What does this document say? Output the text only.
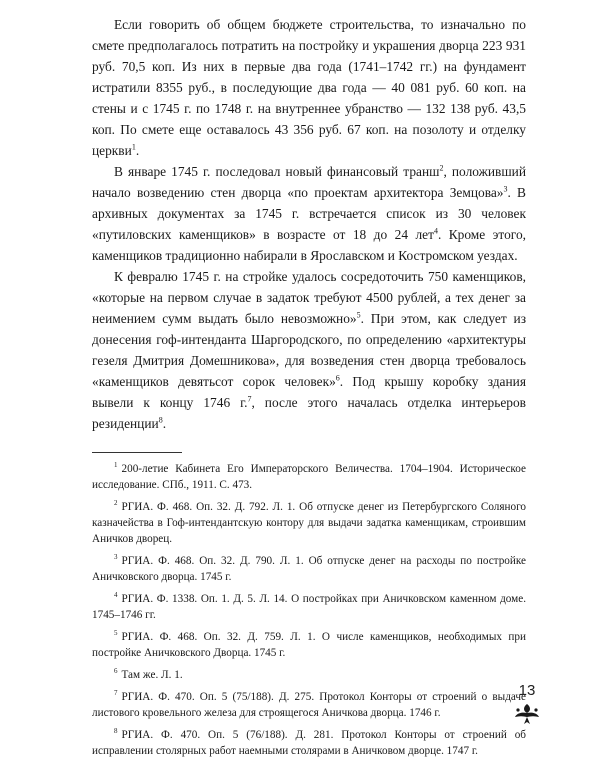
Если говорить об общем бюджете строительства, то изначально по смете предполагалось потратить на постройку и украшения дворца 223 931 руб. 70,5 коп. Из них в первые два года (1741–1742 гг.) на фундамент истратили 8355 руб., в последующие два года — 40 081 руб. 60 коп. на стены и с 1745 г. по 1748 г. на внутреннее убранство — 132 138 руб. 43,5 коп. По смете еще оставалось 43 356 руб. 67 коп. на позолоту и отделку церкви$^1$.

В январе 1745 г. последовал новый финансовый транш$^2$, положивший начало возведению стен дворца «по проектам архитектора Земцова»$^3$. В архивных документах за 1745 г. встречается список из 30 человек «путиловских каменщиков» в возрасте от 18 до 24 лет$^4$. Кроме этого, каменщиков традиционно набирали в Ярославском и Костромском уездах.

К февралю 1745 г. на стройке удалось сосредоточить 750 каменщиков, «которые на первом случае в задаток требуют 4500 рублей, а тех денег за неимением сумм выдать было невозможно»$^5$. При этом, как следует из донесения гоф-интенданта Шаргородского, по определению «архитектуры гезеля Дмитрия Домешникова», для возведения стен дворца требовалось «каменщиков девятьсот сорок человек»$^6$. Под крышу коробку здания вывели к концу 1746 г.$^7$, после этого началась отделка интерьеров резиденции$^8$.

$^1$ 200-летие Кабинета Его Императорского Величества. 1704–1904. Историческое исследование. СПб., 1911. С. 473.

$^2$ РГИА. Ф. 468. Оп. 32. Д. 792. Л. 1. Об отпуске денег из Петербургского Соляного казначейства в Гоф-интендантскую контору для выдачи задатка каменщикам, строившим Аничков дворец.

$^3$ РГИА. Ф. 468. Оп. 32. Д. 790. Л. 1. Об отпуске денег на расходы по постройке Аничковского дворца. 1745 г.

$^4$ РГИА. Ф. 1338. Оп. 1. Д. 5. Л. 14. О постройках при Аничковском каменном доме. 1745–1746 гг.

$^5$ РГИА. Ф. 468. Оп. 32. Д. 759. Л. 1. О числе каменщиков, необходимых при постройке Аничковского Дворца. 1745 г.

$^6$ Там же. Л. 1.

$^7$ РГИА. Ф. 470. Оп. 5 (75/188). Д. 275. Протокол Конторы от строений о выдаче листового кровельного железа для строящегося Аничкова дворца. 1746 г.

$^8$ РГИА. Ф. 470. Оп. 5 (76/188). Д. 281. Протокол Конторы от строений об исправлении столярных работ наемными столярами в Аничковом дворце. 1747 г.

13
